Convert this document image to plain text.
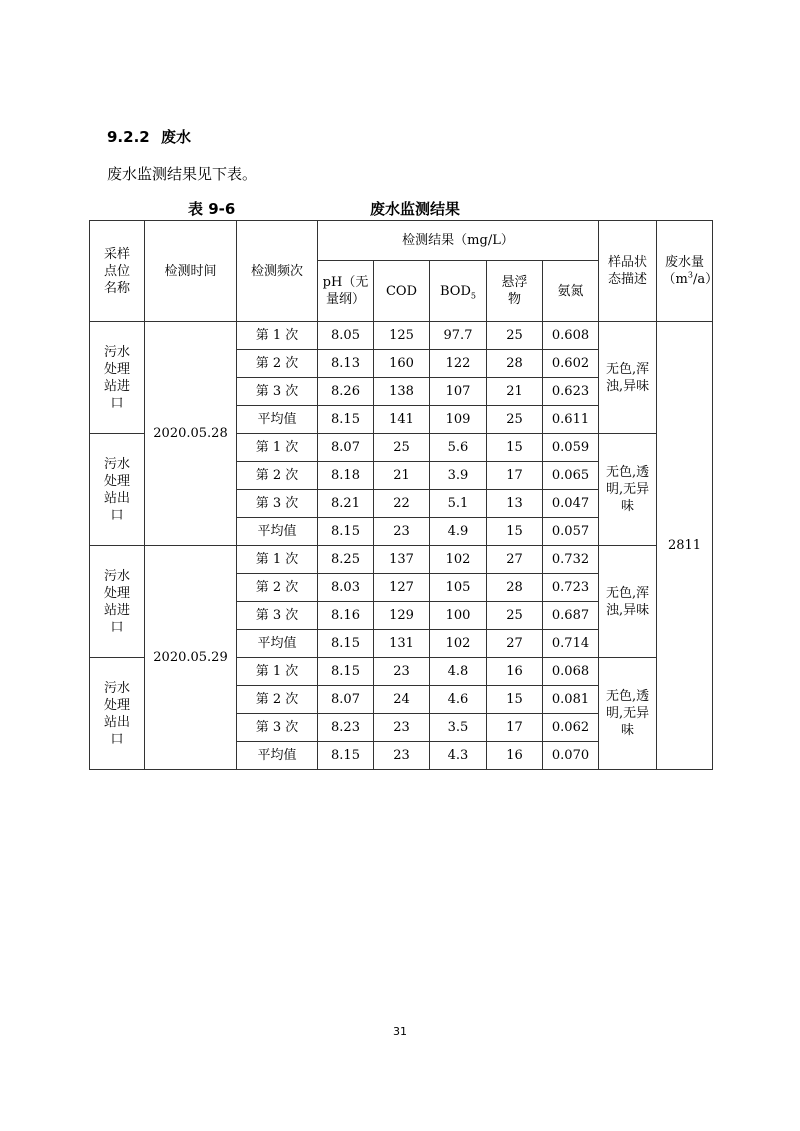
9.2.2 废水
废水监测结果见下表。
表 9-6	废水监测结果
采样点位名称	检测时间	检测频次	检测结果（mg/L）					样品状态描述	废水量$(m^3/a)$
			pH（无量纲）	COD	$BOD_5$	悬浮物	氨氮		
污水处理站进口	2020.05.28	第 1 次	8.05	125	97.7	25	0.608	无色,浑浊,异味	2811
		第 2 次	8.13	160	122	28	0.602		
		第 3 次	8.26	138	107	21	0.623		
		平均值	8.15	141	109	25	0.611		
污水处理站出口		第 1 次	8.07	25	5.6	15	0.059	无色,透明,无异味	
		第 2 次	8.18	21	3.9	17	0.065		
		第 3 次	8.21	22	5.1	13	0.047		
		平均值	8.15	23	4.9	15	0.057		
污水处理站进口	2020.05.29	第 1 次	8.25	137	102	27	0.732	无色,浑浊,异味	
		第 2 次	8.03	127	105	28	0.723		
		第 3 次	8.16	129	100	25	0.687		
		平均值	8.15	131	102	27	0.714		
污水处理站出口		第 1 次	8.15	23	4.8	16	0.068	无色,透明,无异味	
		第 2 次	8.07	24	4.6	15	0.081		
		第 3 次	8.23	23	3.5	17	0.062		
		平均值	8.15	23	4.3	16	0.070		
31
